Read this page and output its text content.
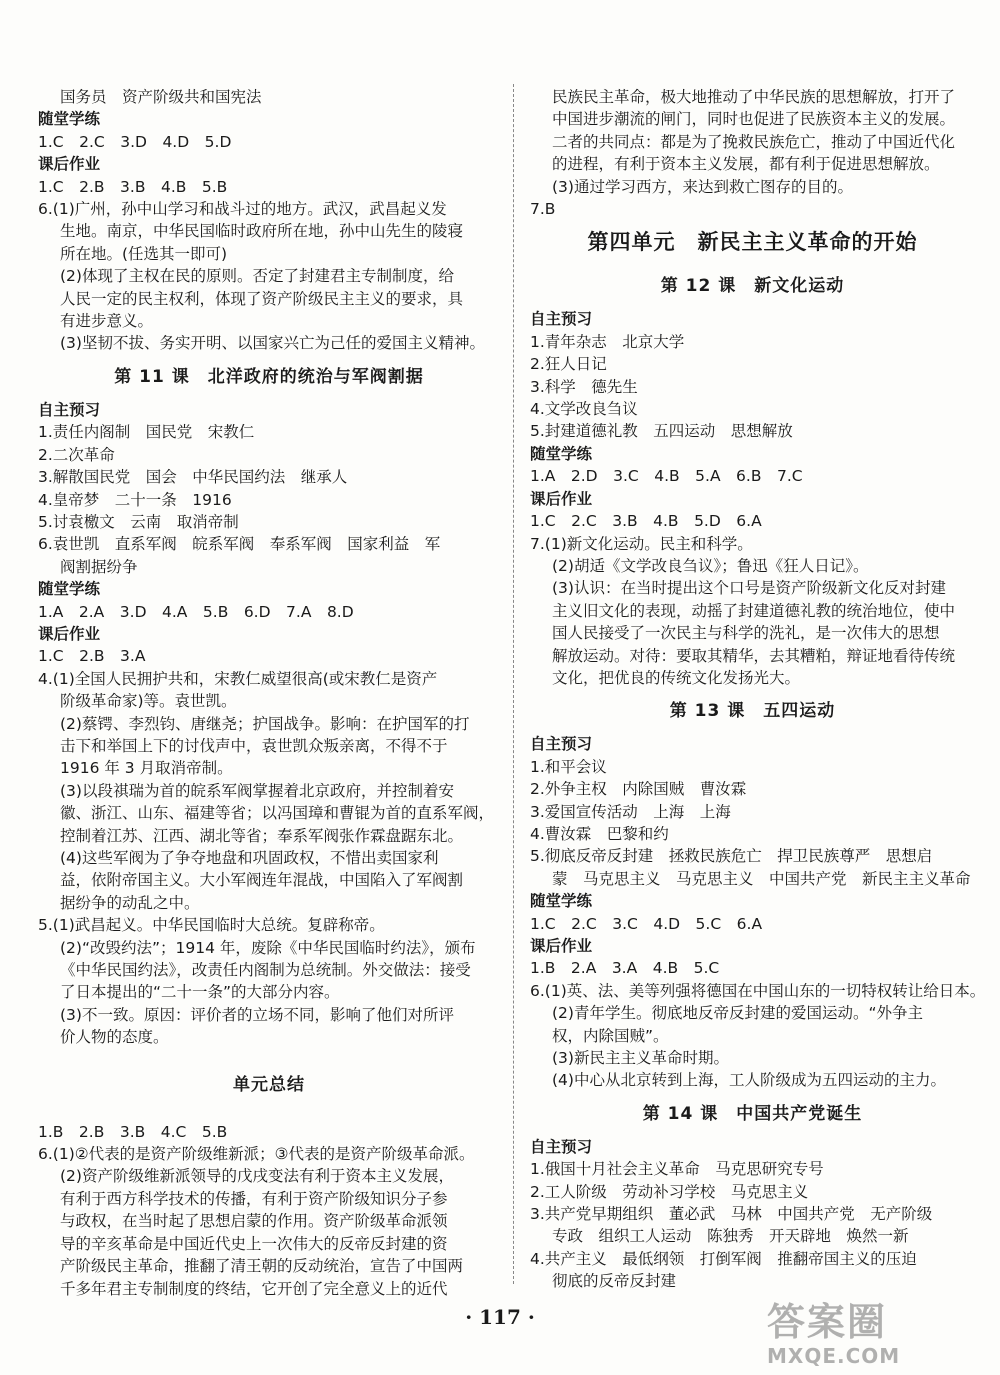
国务员　资产阶级共和国宪法
随堂学练
1.C　2.C　3.D　4.D　5.D
课后作业
1.C　2.B　3.B　4.B　5.B
6.(1)广州，孙中山学习和战斗过的地方。武汉，武昌起义发
生地。南京，中华民国临时政府所在地，孙中山先生的陵寝
所在地。(任选其一即可)
(2)体现了主权在民的原则。否定了封建君主专制制度，给
人民一定的民主权利，体现了资产阶级民主主义的要求，具
有进步意义。
(3)坚韧不拔、务实开明、以国家兴亡为己任的爱国主义精神。
第 11 课　北洋政府的统治与军阀割据
自主预习
1.责任内阁制　国民党　宋教仁
2.二次革命
3.解散国民党　国会　中华民国约法　继承人
4.皇帝梦　二十一条　1916
5.讨袁檄文　云南　取消帝制
6.袁世凯　直系军阀　皖系军阀　奉系军阀　国家利益　军
阀割据纷争
随堂学练
1.A　2.A　3.D　4.A　5.B　6.D　7.A　8.D
课后作业
1.C　2.B　3.A
4.(1)全国人民拥护共和，宋教仁威望很高(或宋教仁是资产
阶级革命家)等。袁世凯。
(2)蔡锷、李烈钧、唐继尧；护国战争。影响：在护国军的打
击下和举国上下的讨伐声中，袁世凯众叛亲离，不得不于
1916 年 3 月取消帝制。
(3)以段祺瑞为首的皖系军阀掌握着北京政府，并控制着安
徽、浙江、山东、福建等省；以冯国璋和曹锟为首的直系军阀，
控制着江苏、江西、湖北等省；奉系军阀张作霖盘踞东北。
(4)这些军阀为了争夺地盘和巩固政权，不惜出卖国家利
益，依附帝国主义。大小军阀连年混战，中国陷入了军阀割
据纷争的动乱之中。
5.(1)武昌起义。中华民国临时大总统。复辟称帝。
(2)“改毁约法”；1914 年，废除《中华民国临时约法》，颁布
《中华民国约法》，改责任内阁制为总统制。外交做法：接受
了日本提出的“二十一条”的大部分内容。
(3)不一致。原因：评价者的立场不同，影响了他们对所评
价人物的态度。
单元总结
1.B　2.B　3.B　4.C　5.B
6.(1)②代表的是资产阶级维新派；③代表的是资产阶级革命派。
(2)资产阶级维新派领导的戊戌变法有利于资本主义发展，
有利于西方科学技术的传播，有利于资产阶级知识分子参
与政权，在当时起了思想启蒙的作用。资产阶级革命派领
导的辛亥革命是中国近代史上一次伟大的反帝反封建的资
产阶级民主革命，推翻了清王朝的反动统治，宣告了中国两
千多年君主专制制度的终结，它开创了完全意义上的近代
民族民主革命，极大地推动了中华民族的思想解放，打开了
中国进步潮流的闸门，同时也促进了民族资本主义的发展。
二者的共同点：都是为了挽救民族危亡，推动了中国近代化
的进程，有利于资本主义发展，都有利于促进思想解放。
(3)通过学习西方，来达到救亡图存的目的。
7.B
第四单元　新民主主义革命的开始
第 12 课　新文化运动
自主预习
1.青年杂志　北京大学
2.狂人日记
3.科学　德先生
4.文学改良刍议
5.封建道德礼教　五四运动　思想解放
随堂学练
1.A　2.D　3.C　4.B　5.A　6.B　7.C
课后作业
1.C　2.C　3.B　4.B　5.D　6.A
7.(1)新文化运动。民主和科学。
(2)胡适《文学改良刍议》；鲁迅《狂人日记》。
(3)认识：在当时提出这个口号是资产阶级新文化反对封建
主义旧文化的表现，动摇了封建道德礼教的统治地位，使中
国人民接受了一次民主与科学的洗礼，是一次伟大的思想
解放运动。对待：要取其精华，去其糟粕，辩证地看待传统
文化，把优良的传统文化发扬光大。
第 13 课　五四运动
自主预习
1.和平会议
2.外争主权　内除国贼　曹汝霖
3.爱国宣传活动　上海　上海
4.曹汝霖　巴黎和约
5.彻底反帝反封建　拯救民族危亡　捍卫民族尊严　思想启
蒙　马克思主义　马克思主义　中国共产党　新民主主义革命
随堂学练
1.C　2.C　3.C　4.D　5.C　6.A
课后作业
1.B　2.A　3.A　4.B　5.C
6.(1)英、法、美等列强将德国在中国山东的一切特权转让给日本。
(2)青年学生。彻底地反帝反封建的爱国运动。“外争主
权，内除国贼”。
(3)新民主主义革命时期。
(4)中心从北京转到上海，工人阶级成为五四运动的主力。
第 14 课　中国共产党诞生
自主预习
1.俄国十月社会主义革命　马克思研究专号
2.工人阶级　劳动补习学校　马克思主义
3.共产党早期组织　董必武　马林　中国共产党　无产阶级
专政　组织工人运动　陈独秀　开天辟地　焕然一新
4.共产主义　最低纲领　打倒军阀　推翻帝国主义的压迫
彻底的反帝反封建
· 117 ·	答案圈
MXQE.COM
